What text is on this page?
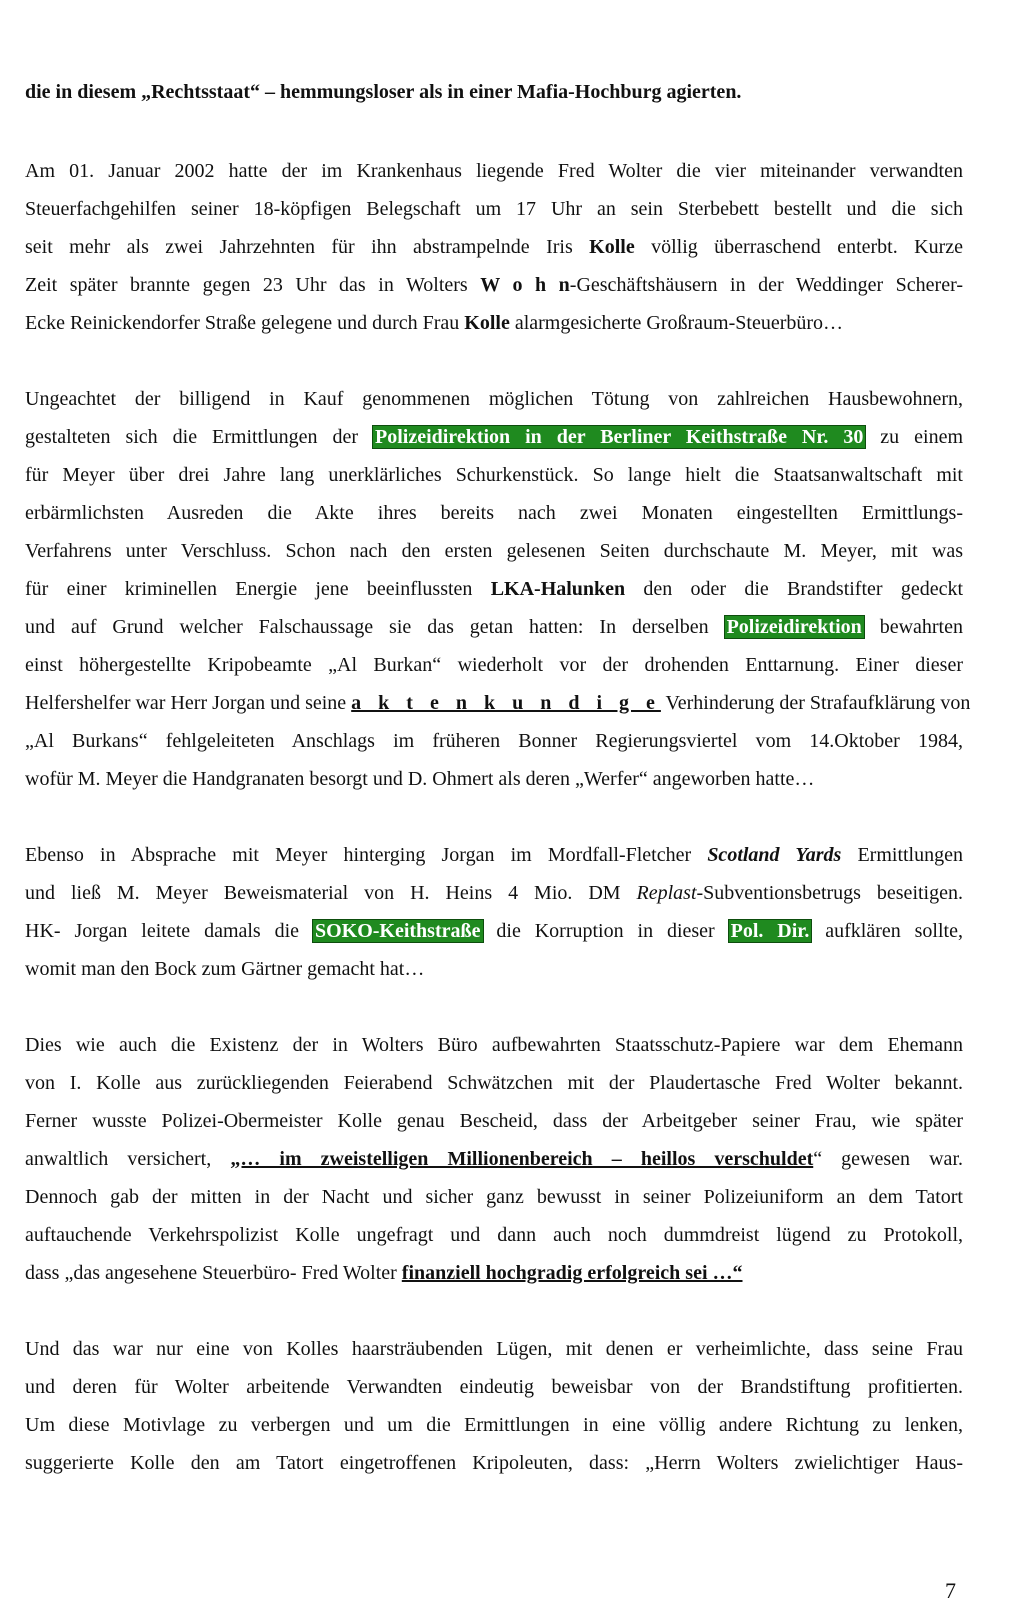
die in diesem „Rechtsstaat“ – hemmungsloser als in einer Mafia-Hochburg agierten.
Am 01. Januar 2002 hatte der im Krankenhaus liegende Fred Wolter die vier miteinander verwandten
Steuerfachgehilfen seiner 18-köpfigen Belegschaft um 17 Uhr an sein Sterbebett bestellt und die sich
seit mehr als zwei Jahrzehnten für ihn abstrampelnde Iris Kolle völlig überraschend enterbt. Kurze
Zeit später brannte gegen 23 Uhr das in Wolters W o h n-Geschäftshäusern in der Weddinger Scherer-
Ecke Reinickendorfer Straße gelegene und durch Frau Kolle alarmgesicherte Großraum-Steuerbüro…
Ungeachtet der billigend in Kauf genommenen möglichen Tötung von zahlreichen Hausbewohnern,
gestalteten sich die Ermittlungen der Polizeidirektion in der Berliner Keithstraße Nr. 30 zu einem
für Meyer über drei Jahre lang unerklärliches Schurkenstück. So lange hielt die Staatsanwaltschaft mit
erbärmlichsten Ausreden die Akte ihres bereits nach zwei Monaten eingestellten Ermittlungs-
Verfahrens unter Verschluss. Schon nach den ersten gelesenen Seiten durchschaute M. Meyer, mit was
für einer kriminellen Energie jene beeinflussten LKA-Halunken den oder die Brandstifter gedeckt
und auf Grund welcher Falschaussage sie das getan hatten: In derselben Polizeidirektion bewahrten
einst höhergestellte Kripobeamte „Al Burkan“ wiederholt vor der drohenden Enttarnung. Einer dieser
Helfershelfer war Herr Jorgan und seine a k t e n k u n d i g e Verhinderung der Strafaufklärung von
„Al Burkans“ fehlgeleiteten Anschlags im früheren Bonner Regierungsviertel vom 14.Oktober 1984,
wofür M. Meyer die Handgranaten besorgt und D. Ohmert als deren „Werfer“ angeworben hatte…
Ebenso in Absprache mit Meyer hinterging Jorgan im Mordfall-Fletcher Scotland Yards Ermittlungen
und ließ M. Meyer Beweismaterial von H. Heins 4 Mio. DM Replast-Subventionsbetrugs beseitigen.
HK- Jorgan leitete damals die SOKO-Keithstraße die Korruption in dieser Pol. Dir. aufklären sollte,
womit man den Bock zum Gärtner gemacht hat…
Dies wie auch die Existenz der in Wolters Büro aufbewahrten Staatsschutz-Papiere war dem Ehemann
von I. Kolle aus zurückliegenden Feierabend Schwätzchen mit der Plaudertasche Fred Wolter bekannt.
Ferner wusste Polizei-Obermeister Kolle genau Bescheid, dass der Arbeitgeber seiner Frau, wie später
anwaltlich versichert, „… im zweistelligen Millionenbereich – heillos verschuldet“ gewesen war.
Dennoch gab der mitten in der Nacht und sicher ganz bewusst in seiner Polizeiuniform an dem Tatort
auftauchende Verkehrspolizist Kolle ungefragt und dann auch noch dummdreist lügend zu Protokoll,
dass „das angesehene Steuerbüro- Fred Wolter finanziell hochgradig erfolgreich sei …“
Und das war nur eine von Kolles haarsträubenden Lügen, mit denen er verheimlichte, dass seine Frau
und deren für Wolter arbeitende Verwandten eindeutig beweisbar von der Brandstiftung profitierten.
Um diese Motivlage zu verbergen und um die Ermittlungen in eine völlig andere Richtung zu lenken,
suggerierte Kolle den am Tatort eingetroffenen Kripoleuten, dass: „Herrn Wolters zwielichtiger Haus-
7
